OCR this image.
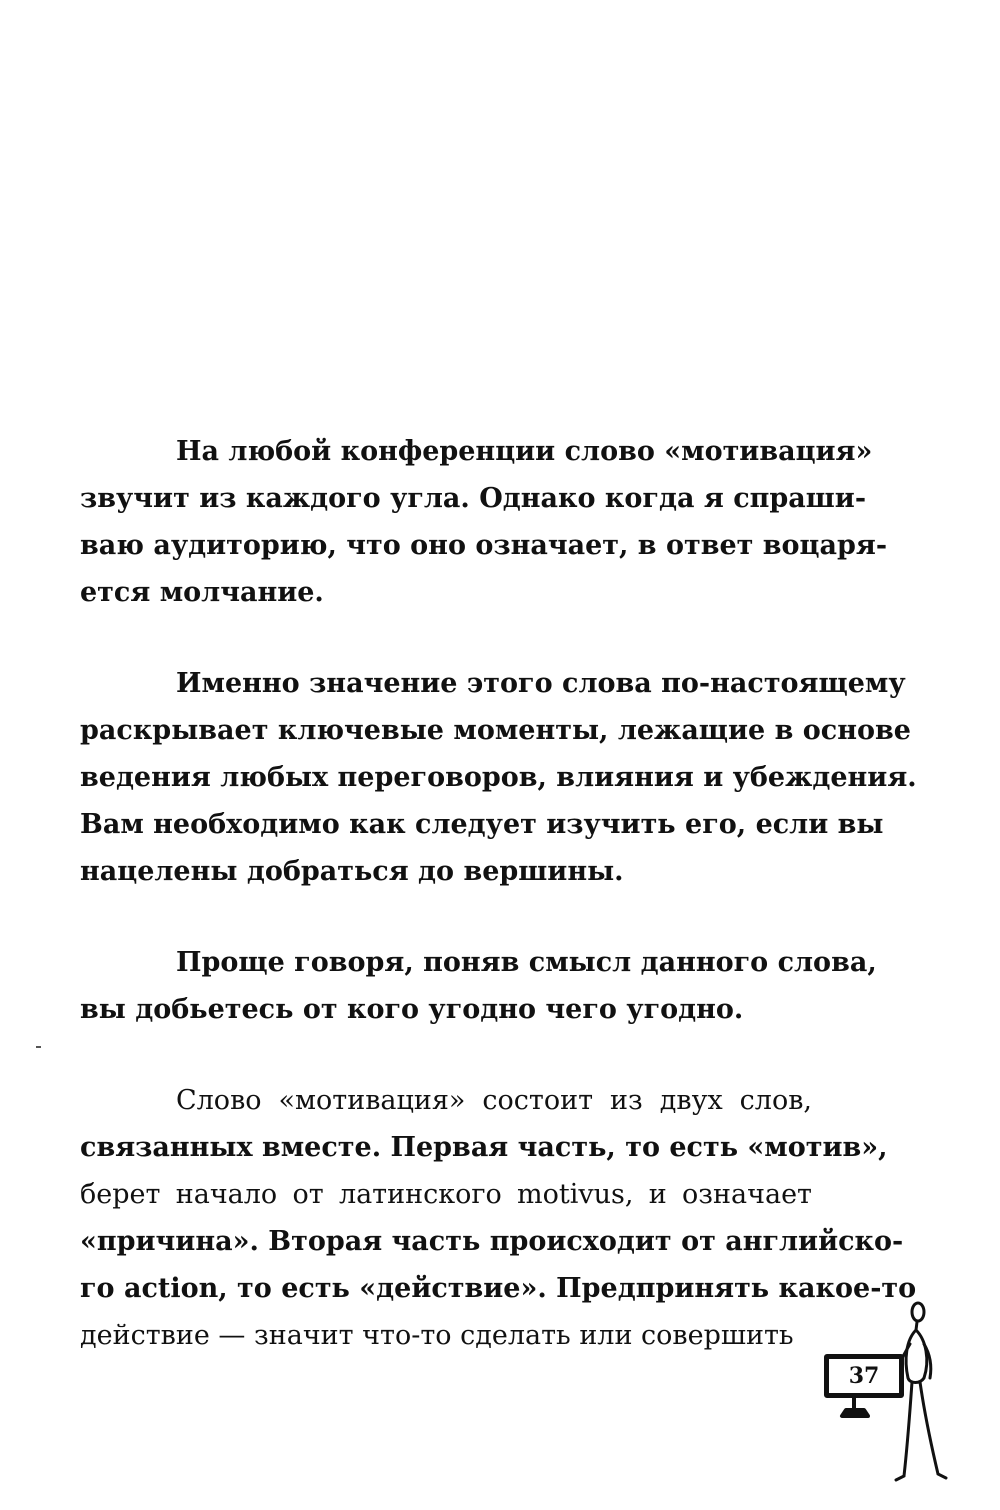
На любой конференции слово «мотивация»
звучит из каждого угла. Однако когда я спраши-
ваю аудиторию, что оно означает, в ответ воцаря-
ется молчание.

Именно значение этого слова по-настоящему
раскрывает ключевые моменты, лежащие в основе
ведения любых переговоров, влияния и убеждения.
Вам необходимо как следует изучить его, если вы
нацелены добраться до вершины.

Проще говоря, поняв смысл данного слова,
вы добьетесь от кого угодно чего угодно.

Слово «мотивация» состоит из двух слов,
связанных вместе. Первая часть, то есть «мотив»,
берет начало от латинского motivus, и означает
«причина». Вторая часть происходит от английско-
го action, то есть «действие». Предпринять какое-то
действие — значит что-то сделать или совершить

37
